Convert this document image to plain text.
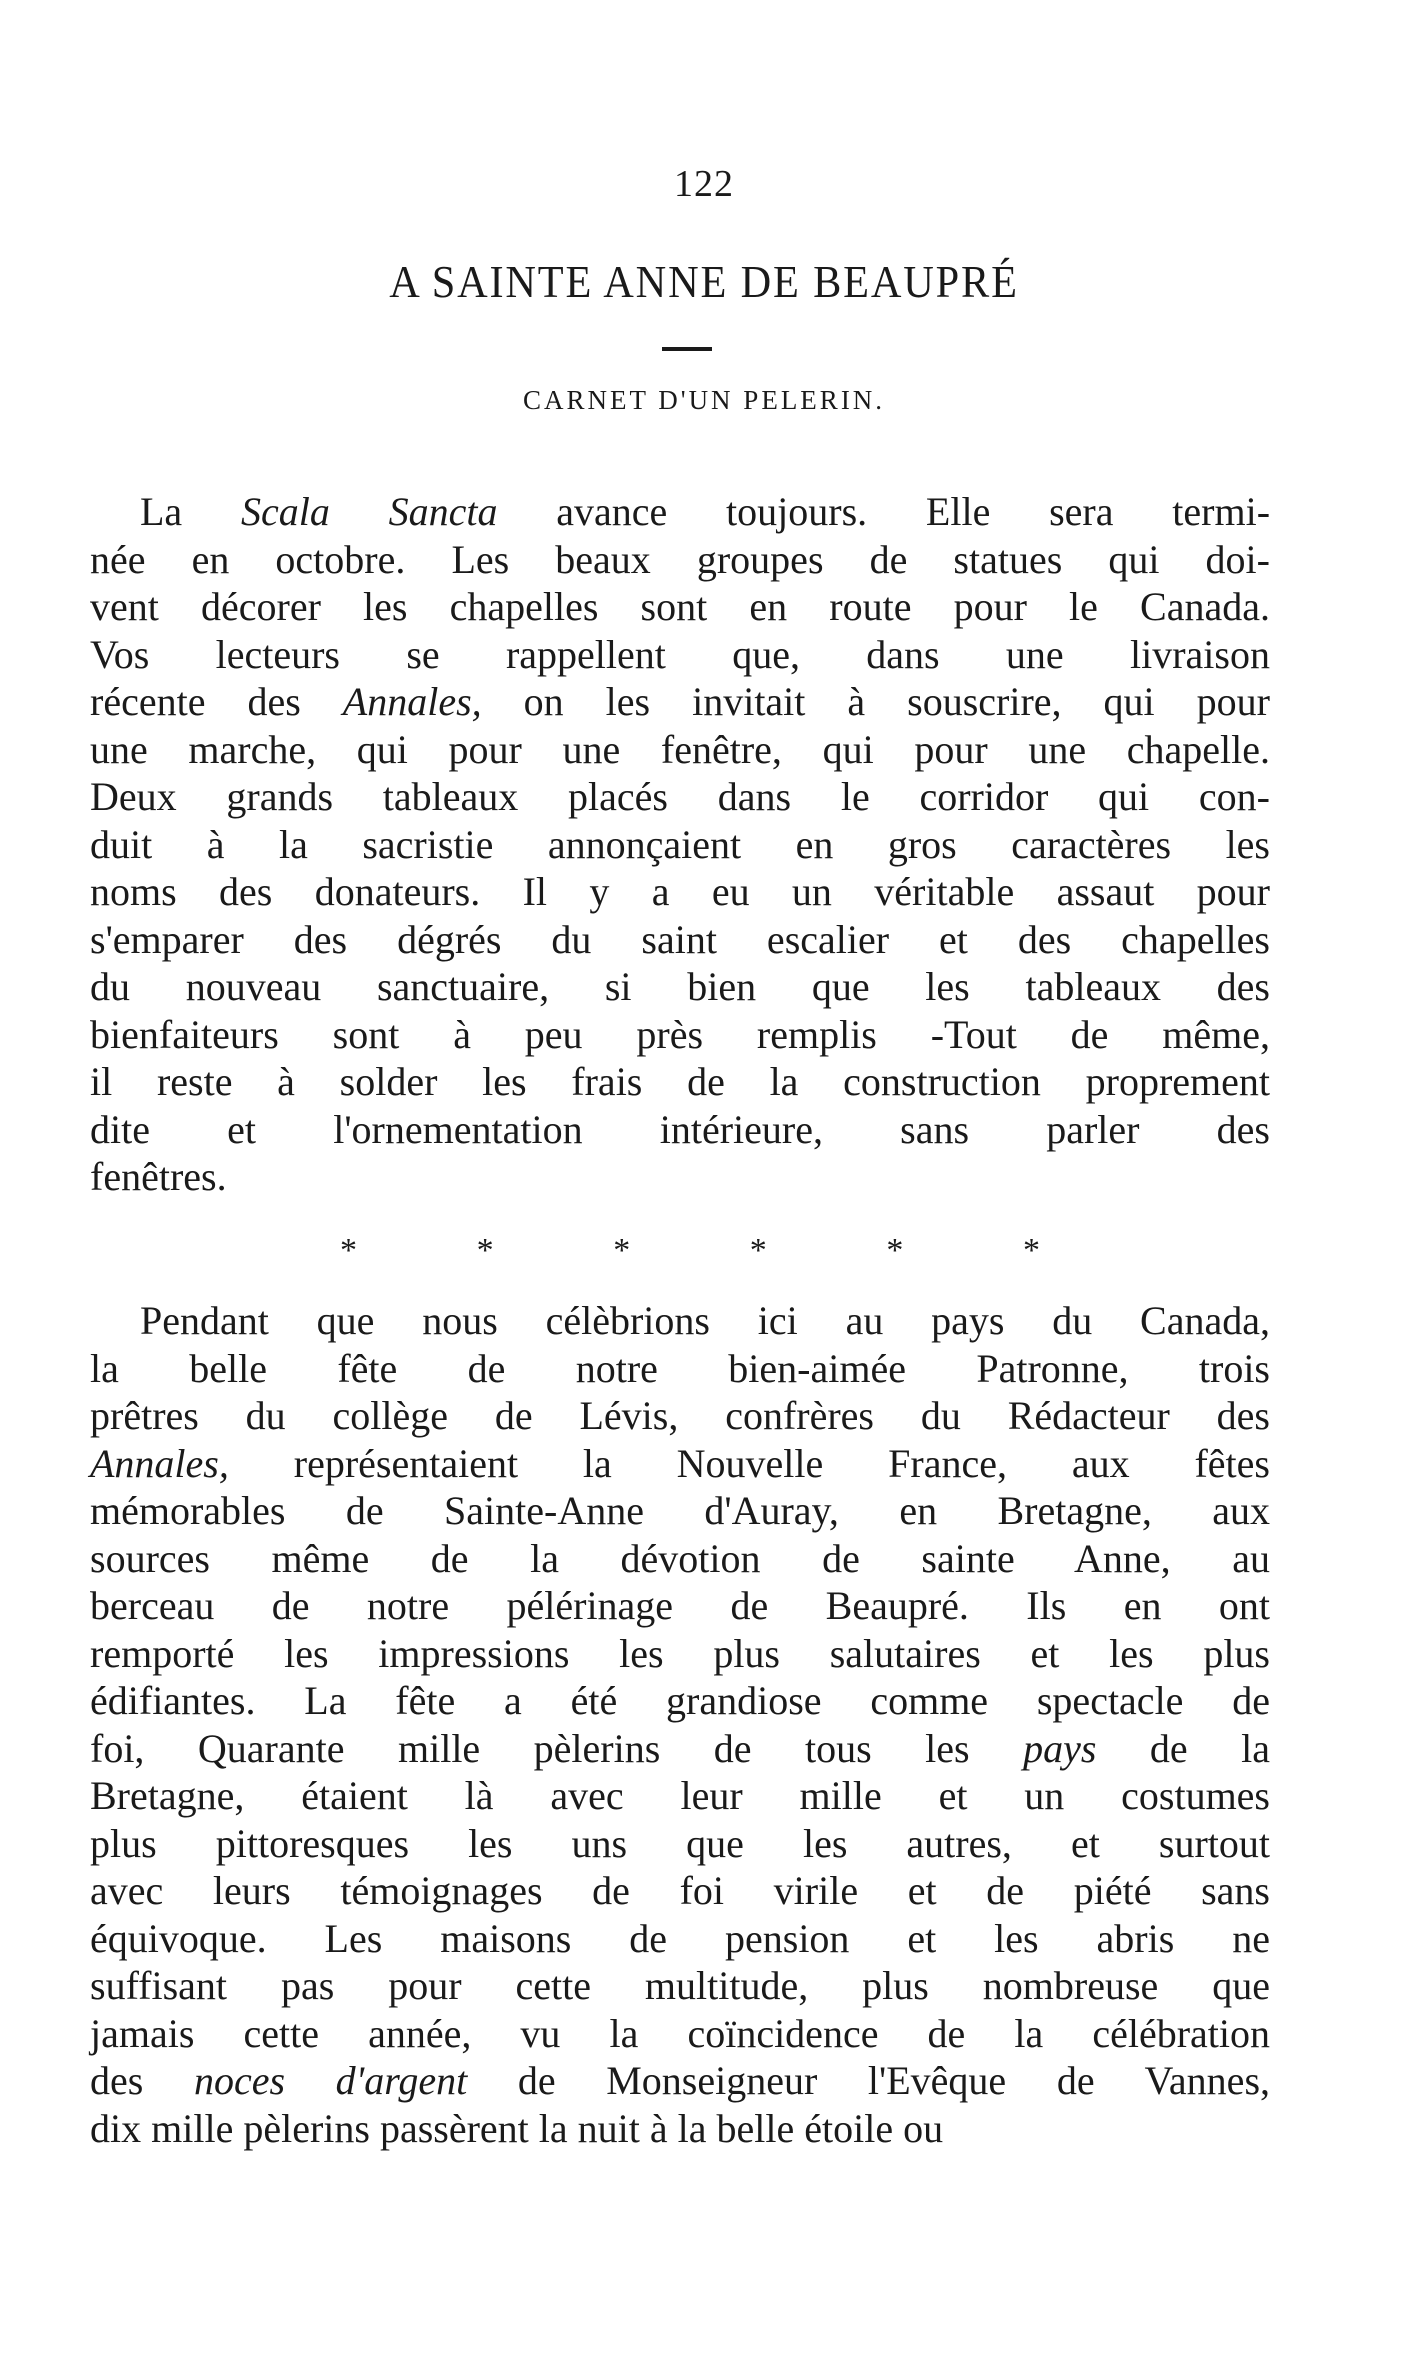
122
A SAINTE ANNE DE BEAUPRÉ
CARNET D'UN PELERIN.
La Scala Sancta avance toujours. Elle sera termi-
née en octobre. Les beaux groupes de statues qui doi-
vent décorer les chapelles sont en route pour le Canada.
Vos lecteurs se rappellent que, dans une livraison
récente des Annales, on les invitait à souscrire, qui pour
une marche, qui pour une fenêtre, qui pour une chapelle.
Deux grands tableaux placés dans le corridor qui con-
duit à la sacristie annonçaient en gros caractères les
noms des donateurs. Il y a eu un véritable assaut pour
s'emparer des dégrés du saint escalier et des chapelles
du nouveau sanctuaire, si bien que les tableaux des
bienfaiteurs sont à peu près remplis -Tout de même,
il reste à solder les frais de la construction proprement
dite et l'ornementation intérieure, sans parler des
fenêtres.
*	*	*	*	*	*
Pendant que nous célèbrions ici au pays du Canada,
la belle fête de notre bien-aimée Patronne, trois
prêtres du collège de Lévis, confrères du Rédacteur des
Annales, représentaient la Nouvelle France, aux fêtes
mémorables de Sainte-Anne d'Auray, en Bretagne, aux
sources même de la dévotion de sainte Anne, au
berceau de notre pélérinage de Beaupré. Ils en ont
remporté les impressions les plus salutaires et les plus
édifiantes. La fête a été grandiose comme spectacle de
foi, Quarante mille pèlerins de tous les pays de la
Bretagne, étaient là avec leur mille et un costumes
plus pittoresques les uns que les autres, et surtout
avec leurs témoignages de foi virile et de piété sans
équivoque. Les maisons de pension et les abris ne
suffisant pas pour cette multitude, plus nombreuse que
jamais cette année, vu la coïncidence de la célébration
des noces d'argent de Monseigneur l'Evêque de Vannes,
dix mille pèlerins passèrent la nuit à la belle étoile ou
